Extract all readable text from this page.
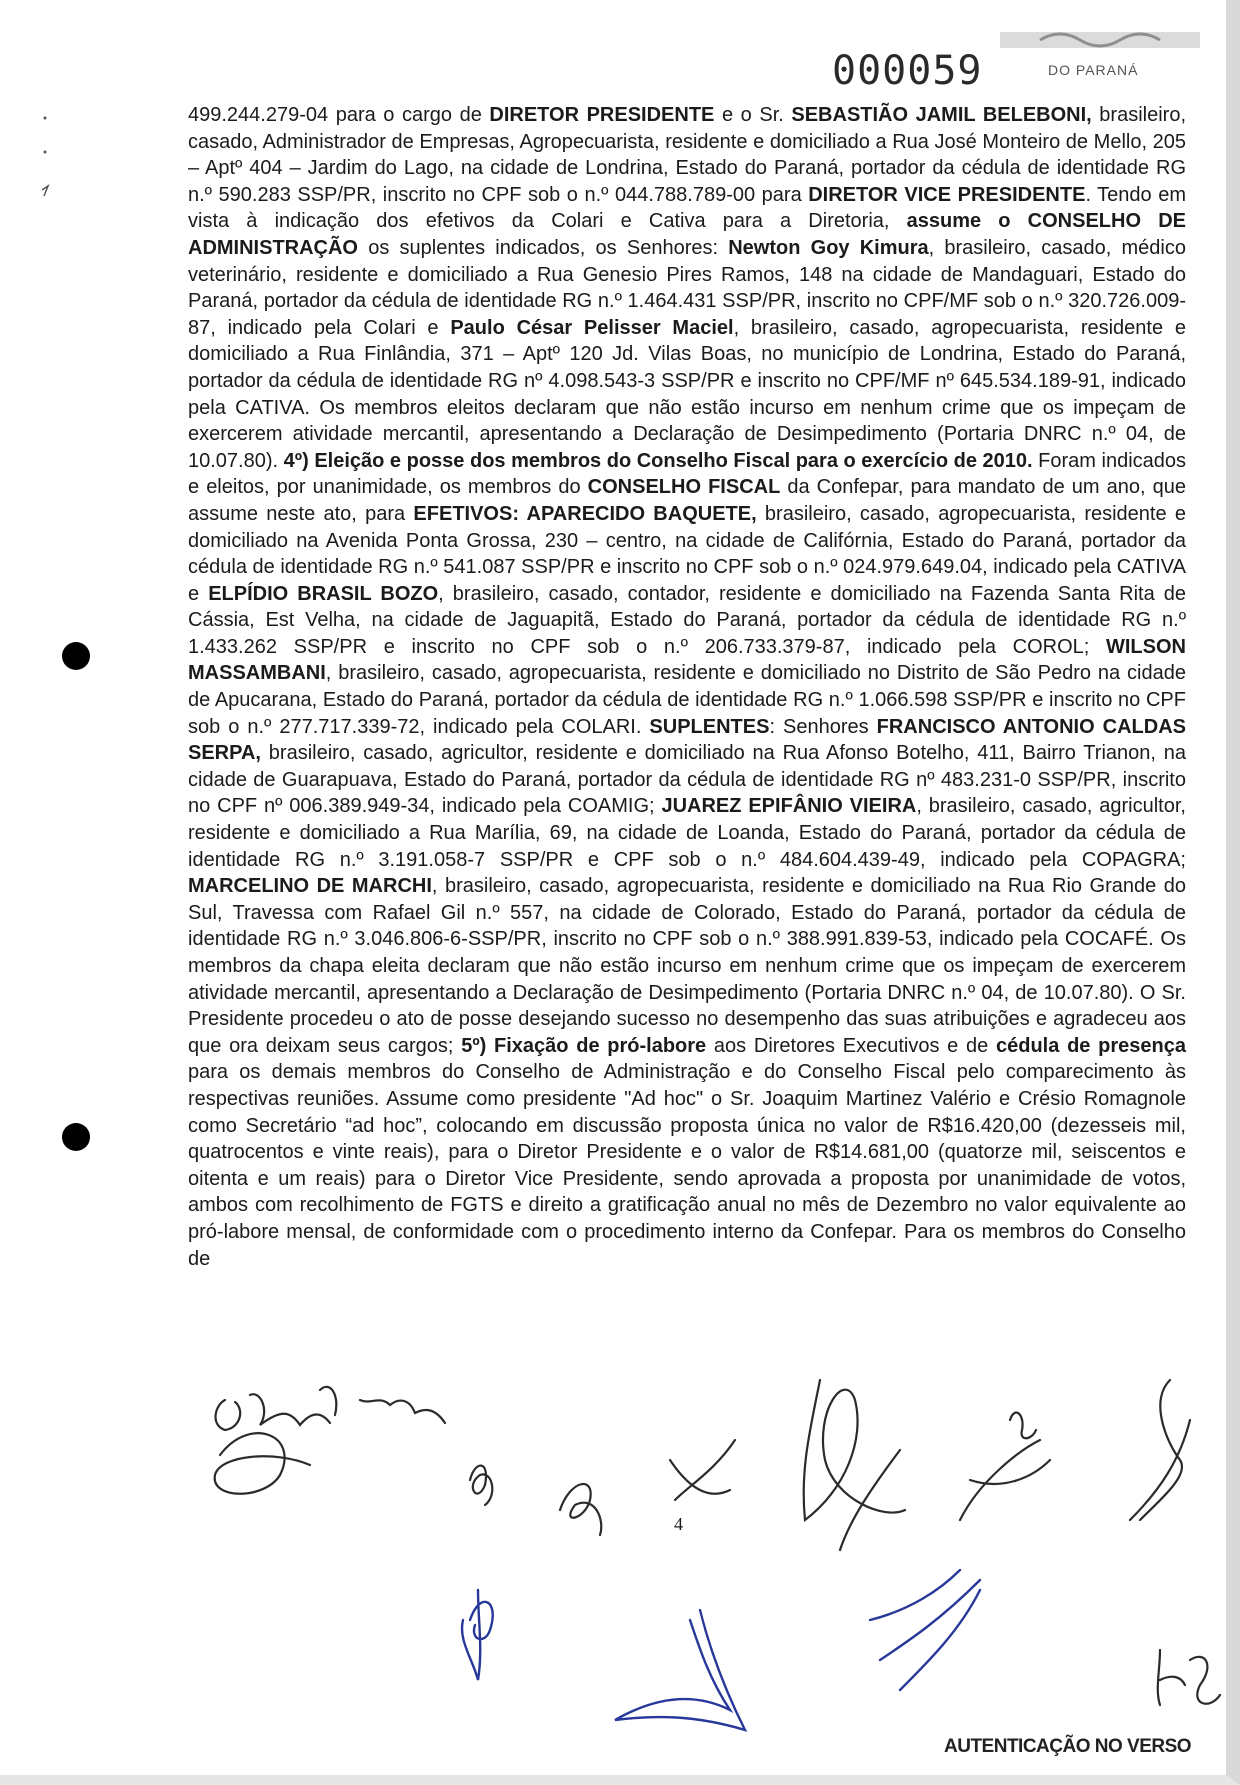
000059	DO PARANÁ

499.244.279-04 para o cargo de DIRETOR PRESIDENTE e o Sr. SEBASTIÃO JAMIL BELEBONI, brasileiro, casado, Administrador de Empresas, Agropecuarista, residente e domiciliado a Rua José Monteiro de Mello, 205 – Aptº 404 – Jardim do Lago, na cidade de Londrina, Estado do Paraná, portador da cédula de identidade RG n.º 590.283 SSP/PR, inscrito no CPF sob o n.º 044.788.789-00 para DIRETOR VICE PRESIDENTE. Tendo em vista à indicação dos efetivos da Colari e Cativa para a Diretoria, assume o CONSELHO DE ADMINISTRAÇÃO os suplentes indicados, os Senhores: Newton Goy Kimura, brasileiro, casado, médico veterinário, residente e domiciliado a Rua Genesio Pires Ramos, 148 na cidade de Mandaguari, Estado do Paraná, portador da cédula de identidade RG n.º 1.464.431 SSP/PR, inscrito no CPF/MF sob o n.º 320.726.009-87, indicado pela Colari e Paulo César Pelisser Maciel, brasileiro, casado, agropecuarista, residente e domiciliado a Rua Finlândia, 371 – Aptº 120 Jd. Vilas Boas, no município de Londrina, Estado do Paraná, portador da cédula de identidade RG nº 4.098.543-3 SSP/PR e inscrito no CPF/MF nº 645.534.189-91, indicado pela CATIVA. Os membros eleitos declaram que não estão incurso em nenhum crime que os impeçam de exercerem atividade mercantil, apresentando a Declaração de Desimpedimento (Portaria DNRC n.º 04, de 10.07.80). 4º) Eleição e posse dos membros do Conselho Fiscal para o exercício de 2010. Foram indicados e eleitos, por unanimidade, os membros do CONSELHO FISCAL da Confepar, para mandato de um ano, que assume neste ato, para EFETIVOS: APARECIDO BAQUETE, brasileiro, casado, agropecuarista, residente e domiciliado na Avenida Ponta Grossa, 230 – centro, na cidade de Califórnia, Estado do Paraná, portador da cédula de identidade RG n.º 541.087 SSP/PR e inscrito no CPF sob o n.º 024.979.649.04, indicado pela CATIVA e ELPÍDIO BRASIL BOZO, brasileiro, casado, contador, residente e domiciliado na Fazenda Santa Rita de Cássia, Est Velha, na cidade de Jaguapitã, Estado do Paraná, portador da cédula de identidade RG n.º 1.433.262 SSP/PR e inscrito no CPF sob o n.º 206.733.379-87, indicado pela COROL; WILSON MASSAMBANI, brasileiro, casado, agropecuarista, residente e domiciliado no Distrito de São Pedro na cidade de Apucarana, Estado do Paraná, portador da cédula de identidade RG n.º 1.066.598 SSP/PR e inscrito no CPF sob o n.º 277.717.339-72, indicado pela COLARI. SUPLENTES: Senhores FRANCISCO ANTONIO CALDAS SERPA, brasileiro, casado, agricultor, residente e domiciliado na Rua Afonso Botelho, 411, Bairro Trianon, na cidade de Guarapuava, Estado do Paraná, portador da cédula de identidade RG nº 483.231-0 SSP/PR, inscrito no CPF nº 006.389.949-34, indicado pela COAMIG; JUAREZ EPIFÂNIO VIEIRA, brasileiro, casado, agricultor, residente e domiciliado a Rua Marília, 69, na cidade de Loanda, Estado do Paraná, portador da cédula de identidade RG n.º 3.191.058-7 SSP/PR e CPF sob o n.º 484.604.439-49, indicado pela COPAGRA; MARCELINO DE MARCHI, brasileiro, casado, agropecuarista, residente e domiciliado na Rua Rio Grande do Sul, Travessa com Rafael Gil n.º 557, na cidade de Colorado, Estado do Paraná, portador da cédula de identidade RG n.º 3.046.806-6-SSP/PR, inscrito no CPF sob o n.º 388.991.839-53, indicado pela COCAFÉ. Os membros da chapa eleita declaram que não estão incurso em nenhum crime que os impeçam de exercerem atividade mercantil, apresentando a Declaração de Desimpedimento (Portaria DNRC n.º 04, de 10.07.80). O Sr. Presidente procedeu o ato de posse desejando sucesso no desempenho das suas atribuições e agradeceu aos que ora deixam seus cargos; 5º) Fixação de pró-labore aos Diretores Executivos e de cédula de presença para os demais membros do Conselho de Administração e do Conselho Fiscal pelo comparecimento às respectivas reuniões. Assume como presidente "Ad hoc" o Sr. Joaquim Martinez Valério e Crésio Romagnole como Secretário “ad hoc”, colocando em discussão proposta única no valor de R$16.420,00 (dezesseis mil, quatrocentos e vinte reais), para o Diretor Presidente e o valor de R$14.681,00 (quatorze mil, seiscentos e oitenta e um reais) para o Diretor Vice Presidente, sendo aprovada a proposta por unanimidade de votos, ambos com recolhimento de FGTS e direito a gratificação anual no mês de Dezembro no valor equivalente ao pró-labore mensal, de conformidade com o procedimento interno da Confepar. Para os membros do Conselho de

4
AUTENTICAÇÃO NO VERSO
